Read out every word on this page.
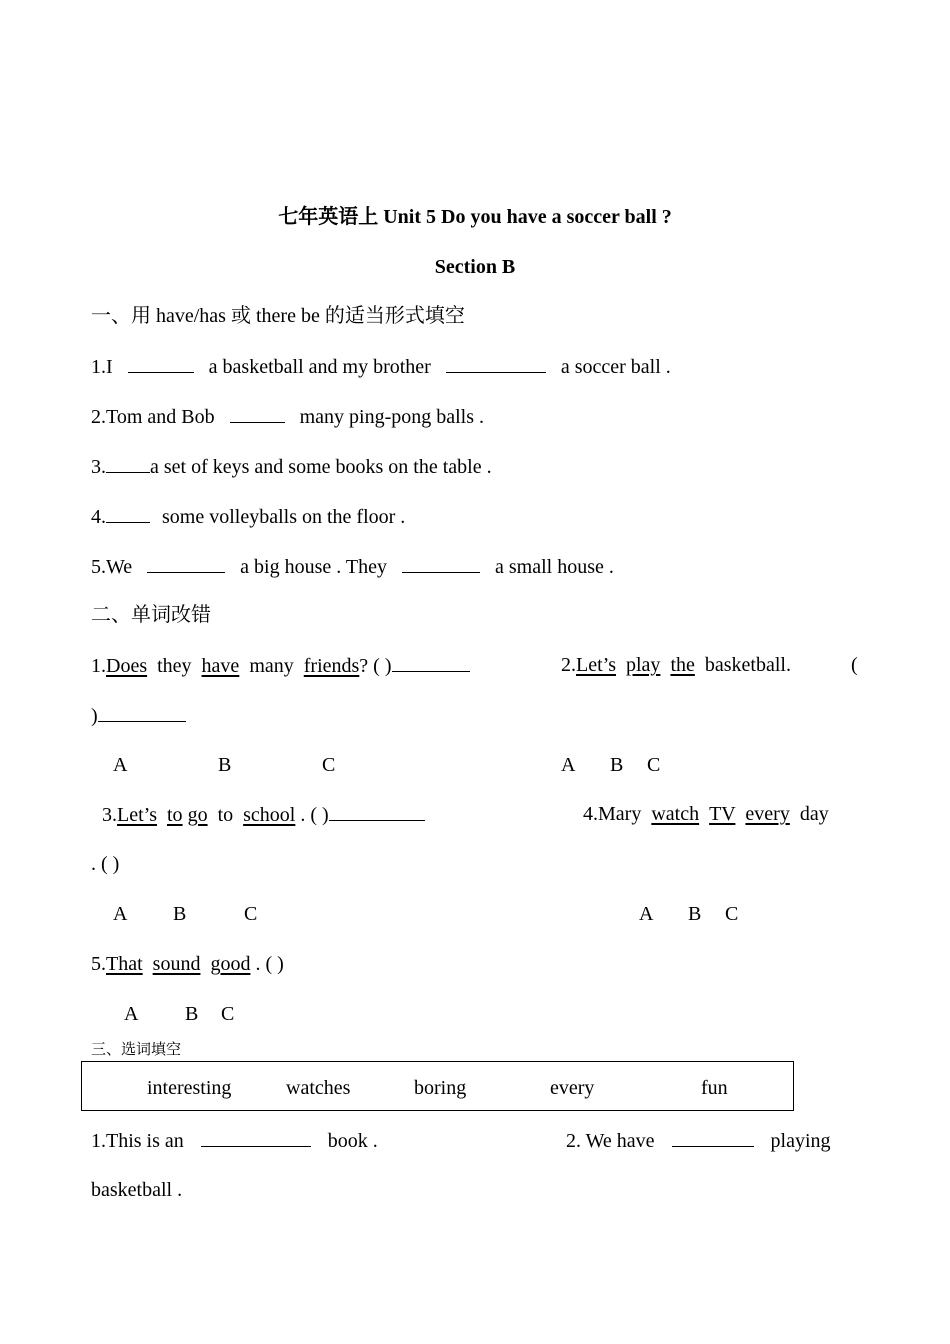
七年英语上 Unit 5 Do you have a soccer ball ?
Section B
一、用 have/has 或 there be 的适当形式填空
1.I	a basketball and my brother	a soccer ball .
2.Tom and Bob	many ping-pong balls .
3. a set of keys and some books on the table .
4.	some volleyballs on the floor .
5.We	a big house . They	a small house .
二、单词改错
1.Does they have many friends? ( )	2.Let’s play the basketball.	(
)
A	B	C	A B C
3.Let’s to go to school . ( )	4.Mary watch TV every day
. ( )
A B	C	A B C
5.That sound good . ( )
A B C
三、选词填空
interesting	watches	boring	every	fun
1.This is an	book .	2. We have	playing
basketball .
